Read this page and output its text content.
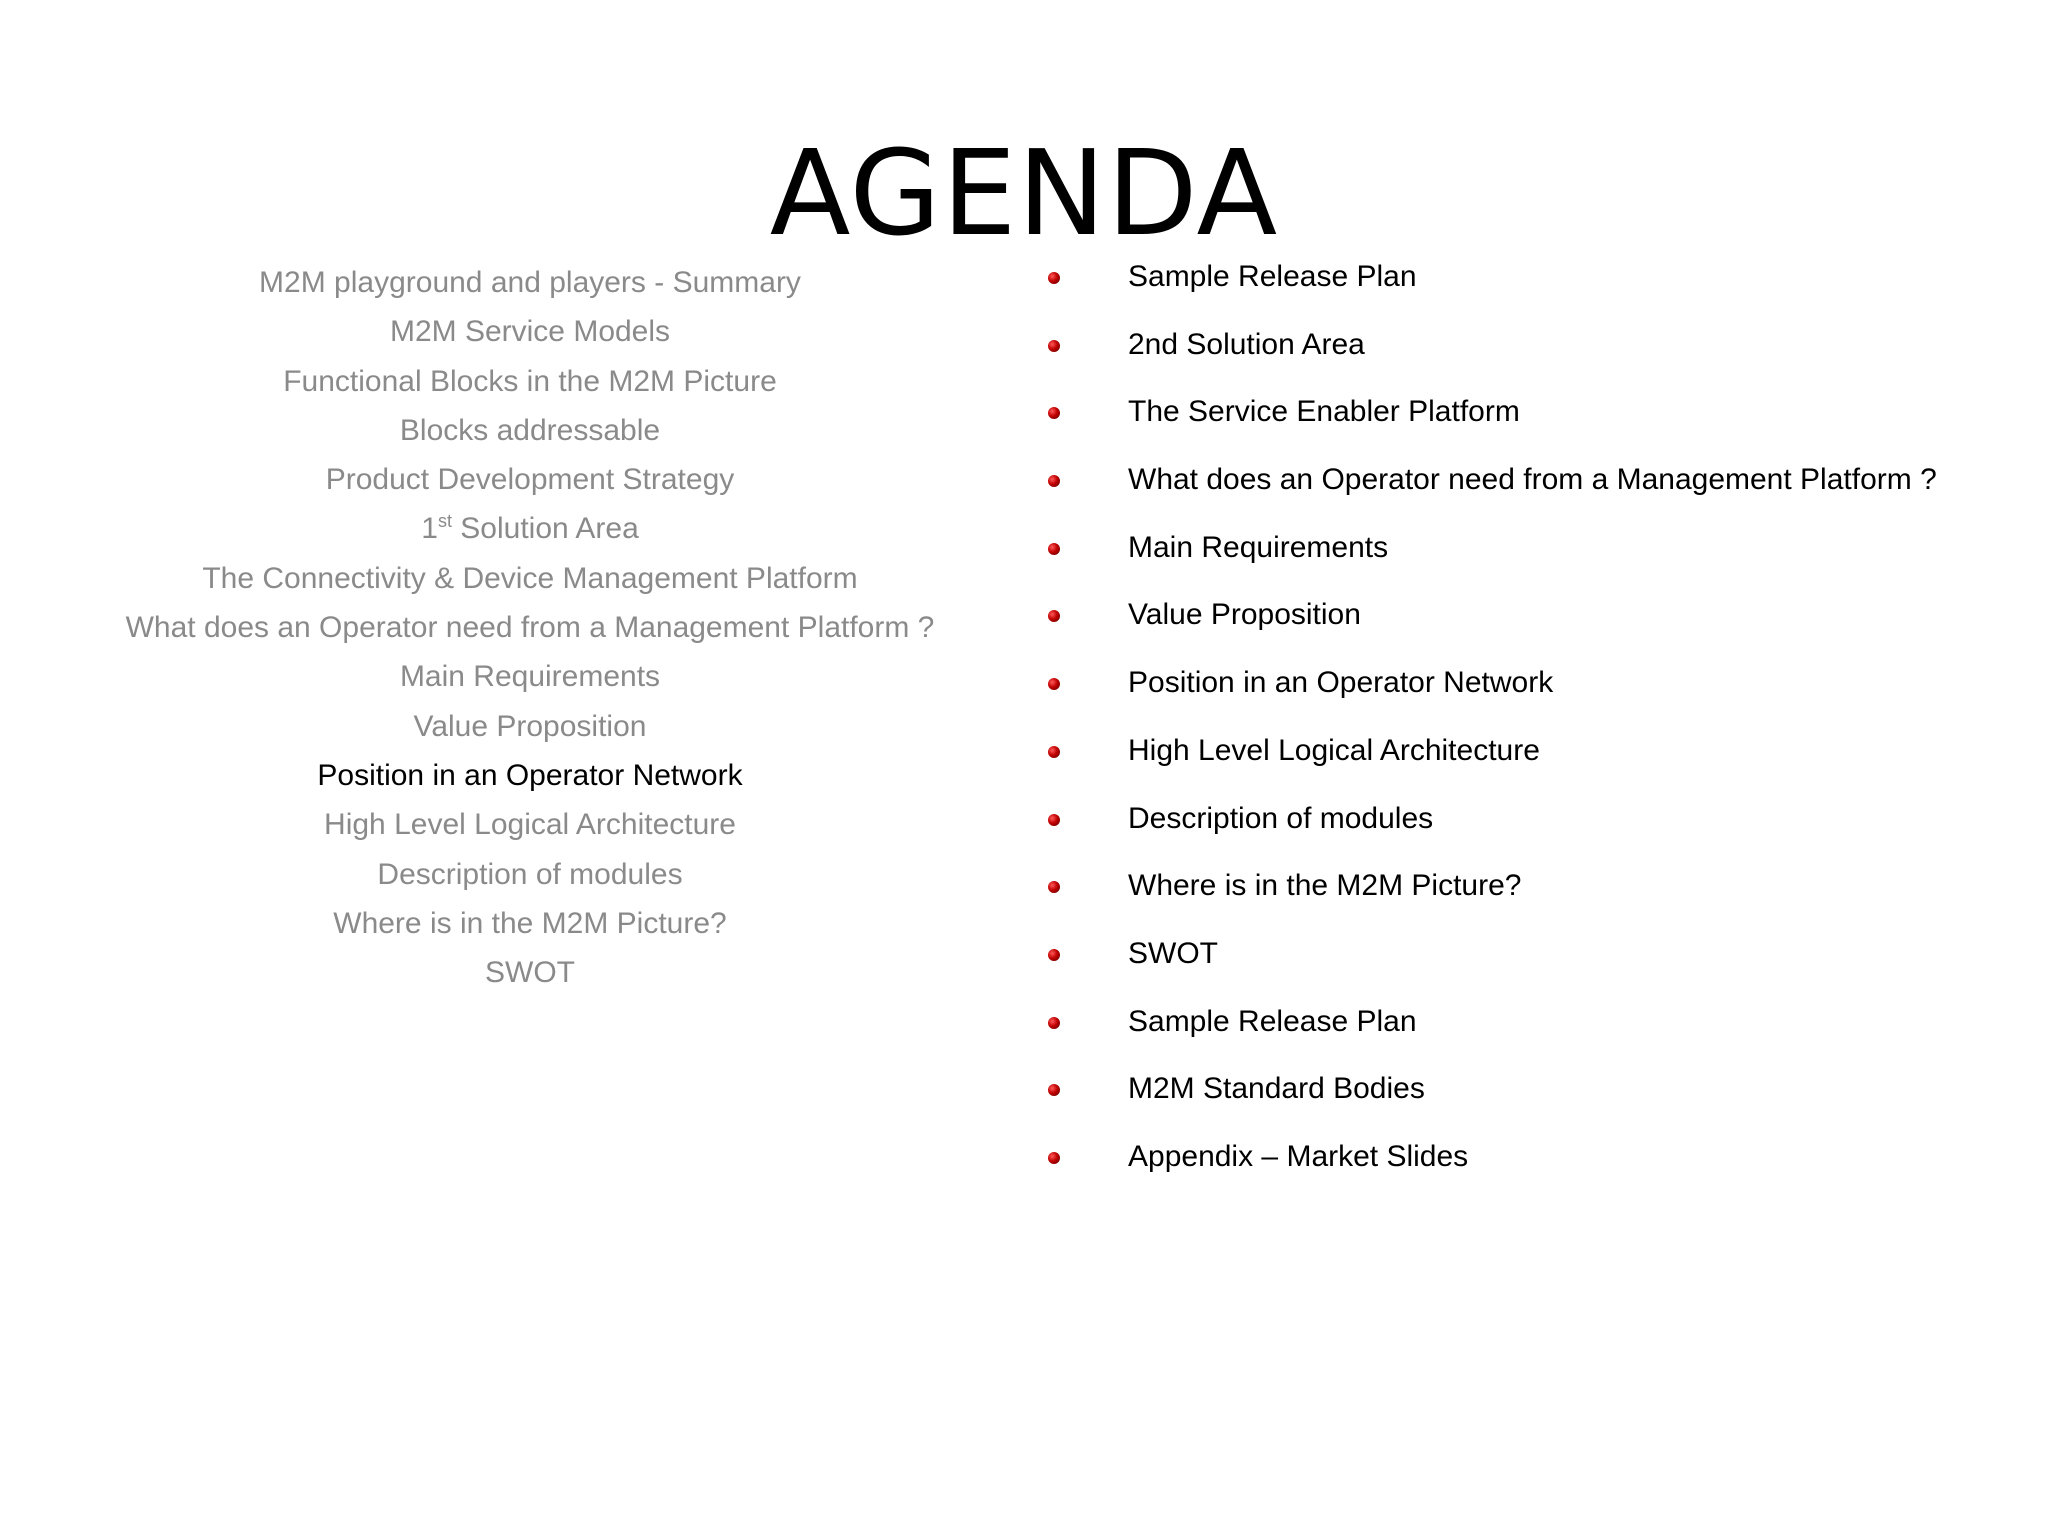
AGENDA
M2M playground and players - Summary
M2M Service Models
Functional Blocks in the M2M Picture
Blocks addressable
Product Development Strategy
1st Solution Area
The Connectivity & Device Management Platform
What does an Operator need from a Management Platform ?
Main Requirements
Value Proposition
Position in an Operator Network
High Level Logical Architecture
Description of modules
Where is in the M2M Picture?
SWOT
Sample Release Plan
2nd Solution Area
The Service Enabler Platform
What does an Operator need from a Management Platform ?
Main Requirements
Value Proposition
Position in an Operator Network
High Level Logical Architecture
Description of modules
Where is in the M2M Picture?
SWOT
Sample Release Plan
M2M Standard Bodies
Appendix – Market Slides
